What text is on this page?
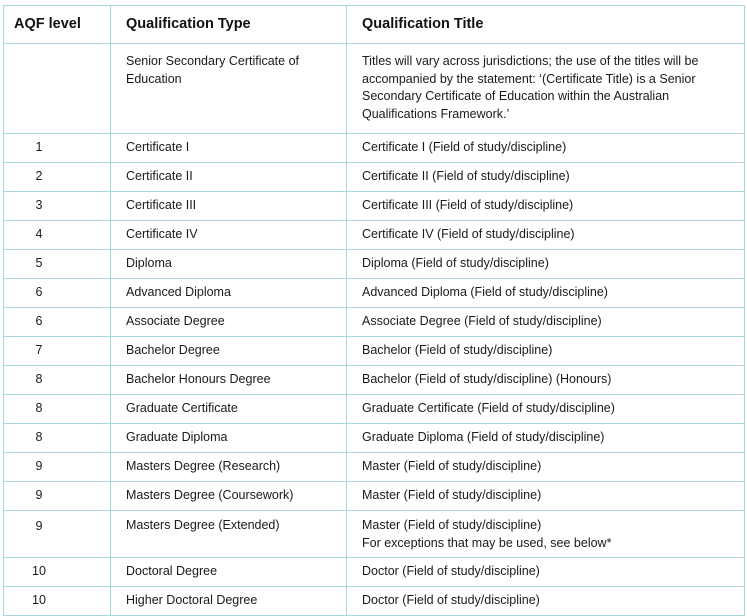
AQF level	Qualification Type	Qualification Title
	Senior Secondary Certificate of Education	Titles will vary across jurisdictions; the use of the titles will be accompanied by the statement: ‘(Certificate Title) is a Senior Secondary Certificate of Education within the Australian Qualifications Framework.’
1	Certificate I	Certificate I (Field of study/discipline)
2	Certificate II	Certificate II (Field of study/discipline)
3	Certificate III	Certificate III (Field of study/discipline)
4	Certificate IV	Certificate IV (Field of study/discipline)
5	Diploma	Diploma (Field of study/discipline)
6	Advanced Diploma	Advanced Diploma (Field of study/discipline)
6	Associate Degree	Associate Degree (Field of study/discipline)
7	Bachelor Degree	Bachelor (Field of study/discipline)
8	Bachelor Honours Degree	Bachelor (Field of study/discipline) (Honours)
8	Graduate Certificate	Graduate Certificate (Field of study/discipline)
8	Graduate Diploma	Graduate Diploma (Field of study/discipline)
9	Masters Degree (Research)	Master (Field of study/discipline)
9	Masters Degree (Coursework)	Master (Field of study/discipline)
9	Masters Degree (Extended)	Master (Field of study/discipline)
For exceptions that may be used, see below*

10	Doctoral Degree	Doctor (Field of study/discipline)
10	Higher Doctoral Degree	Doctor (Field of study/discipline)
